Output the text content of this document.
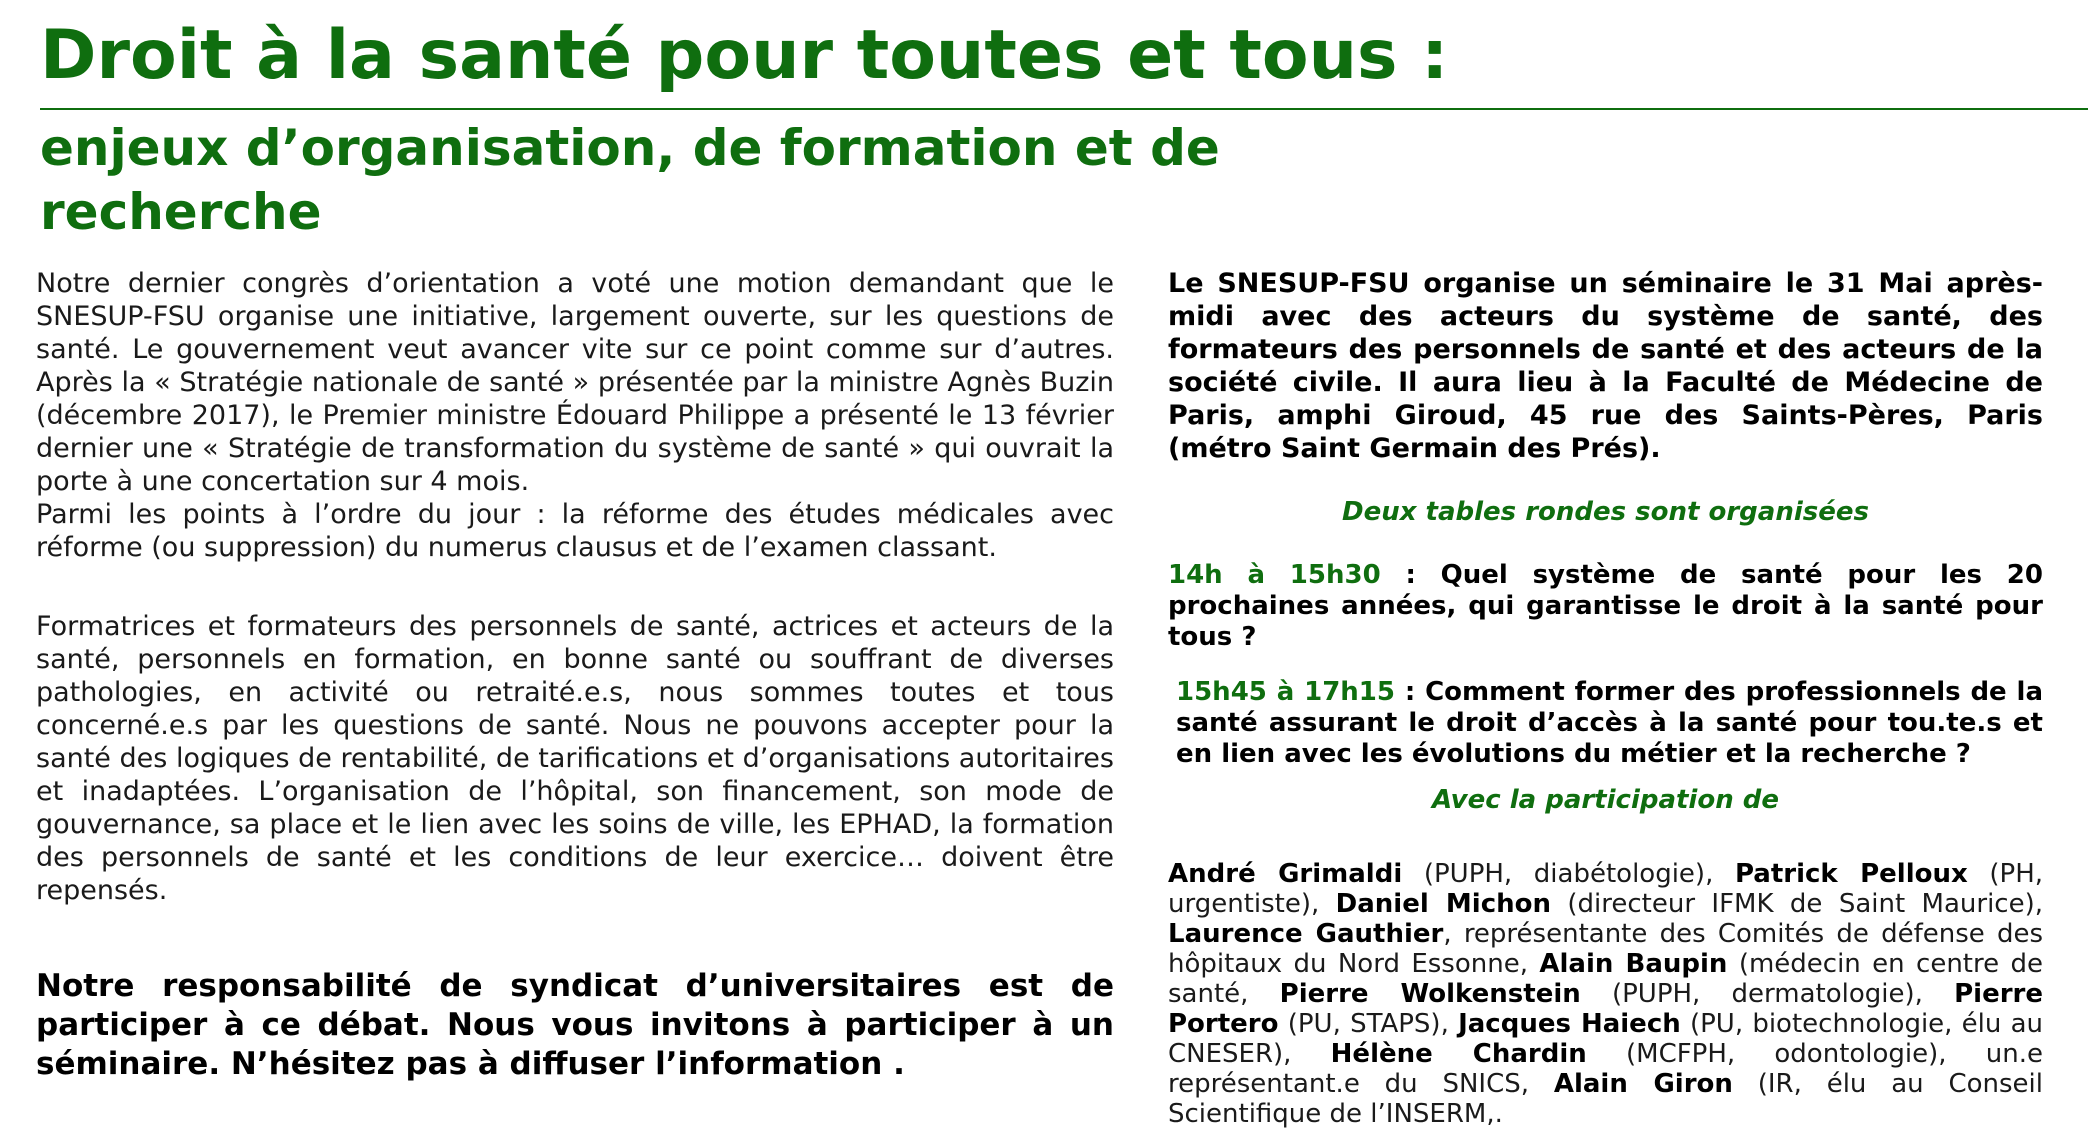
Droit à la santé pour toutes et tous :
enjeux d’organisation, de formation et de recherche

Notre dernier congrès d’orientation a voté une motion demandant que le SNESUP-FSU organise une initiative, largement ouverte, sur les questions de santé. Le gouvernement veut avancer vite sur ce point comme sur d’autres. Après la « Stratégie nationale de santé » présentée par la ministre Agnès Buzin (décembre 2017), le Premier ministre Édouard Philippe a présenté le 13 février dernier une « Stratégie de transformation du système de santé » qui ouvrait la porte à une concertation sur 4 mois.

Parmi les points à l’ordre du jour : la réforme des études médicales avec réforme (ou suppression) du numerus clausus et de l’examen classant.

Formatrices et formateurs des personnels de santé, actrices et acteurs de la santé, personnels en formation, en bonne santé ou souffrant de diverses pathologies, en activité ou retraité.e.s, nous sommes toutes et tous concerné.e.s par les questions de santé. Nous ne pouvons accepter pour la santé des logiques de rentabilité, de tarifications et d’organisations autoritaires et inadaptées. L’organisation de l’hôpital, son financement, son mode de gouvernance, sa place et le lien avec les soins de ville, les EPHAD, la formation des personnels de santé et les conditions de leur exercice… doivent être repensés.

Notre responsabilité de syndicat d’universitaires est de participer à ce débat. Nous vous invitons à participer à un séminaire. N’hésitez pas à diffuser l’information .

Le SNESUP-FSU organise un séminaire le 31 Mai après-midi avec des acteurs du système de santé, des formateurs des personnels de santé et des acteurs de la société civile. Il aura lieu à la Faculté de Médecine de Paris, amphi Giroud, 45 rue des Saints-Pères, Paris (métro Saint Germain des Prés).

Deux tables rondes sont organisées

14h à 15h30 : Quel système de santé pour les 20 prochaines années, qui garantisse le droit à la santé pour tous ?

15h45 à 17h15 : Comment former des professionnels de la santé assurant le droit d’accès à la santé pour tou.te.s et en lien avec les évolutions du métier et la recherche ?

Avec la participation de

André Grimaldi (PUPH, diabétologie), Patrick Pelloux (PH, urgentiste), Daniel Michon (directeur IFMK de Saint Maurice), Laurence Gauthier, représentante des Comités de défense des hôpitaux du Nord Essonne, Alain Baupin (médecin en centre de santé, Pierre Wolkenstein (PUPH, dermatologie), Pierre Portero (PU, STAPS), Jacques Haiech (PU, biotechnologie, élu au CNESER), Hélène Chardin (MCFPH, odontologie), un.e représentant.e du SNICS, Alain Giron (IR, élu au Conseil Scientifique de l’INSERM,.
